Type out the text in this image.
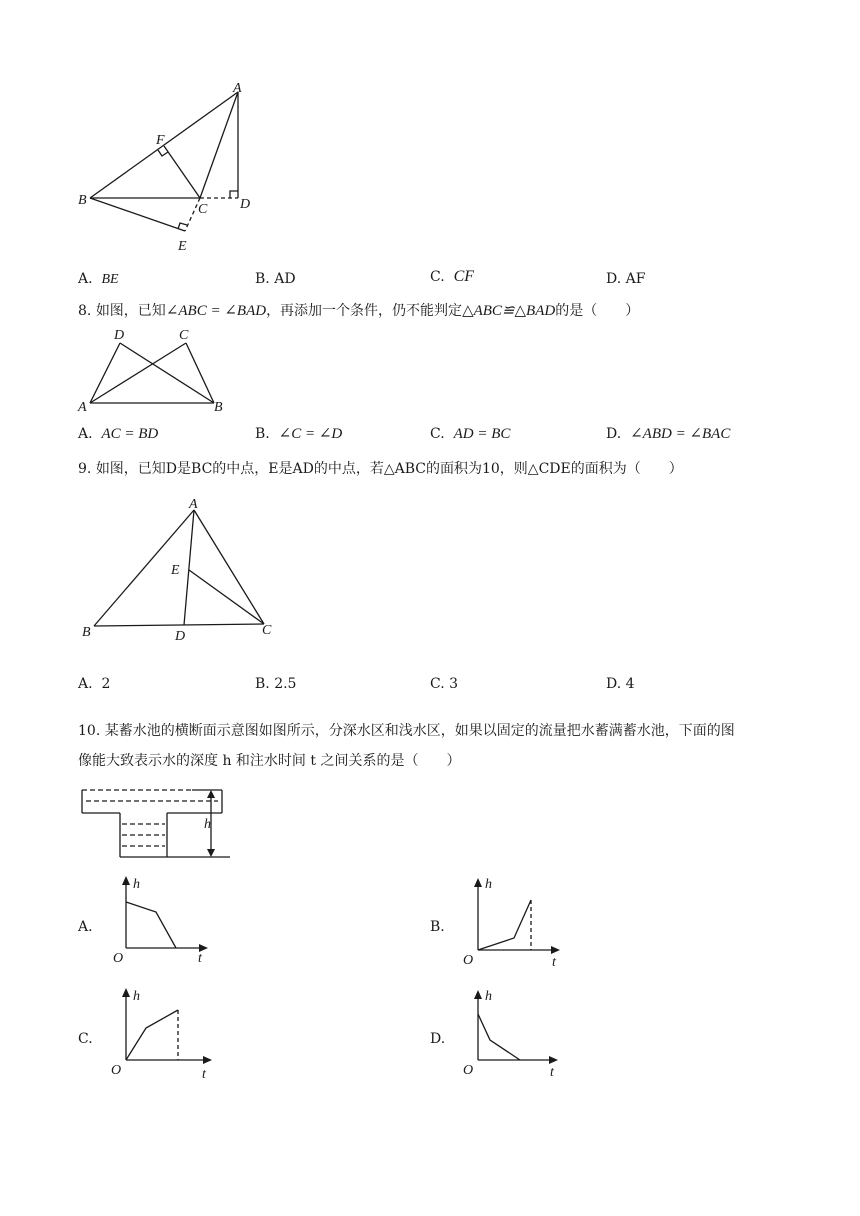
A
F
B
C D
E
A. BE	B. AD	C. CF	D. AF
8. 如图，已知∠ABC = ∠BAD，再添加一个条件，仍不能判定△ABC≌△BAD的是（　　）
D	C
A	B
A. AC = BD	B. ∠C = ∠D	C. AD = BC	D. ∠ABD = ∠BAC
9. 如图，已知D是BC的中点，E是AD的中点，若△ABC的面积为10，则△CDE的面积为（　　）
A
E
B	D	C
A. 2	B. 2.5	C. 3	D. 4
10. 某蓄水池的横断面示意图如图所示，分深水区和浅水区，如果以固定的流量把水蓄满蓄水池，下面的图
像能大致表示水的深度 h 和注水时间 t 之间关系的是（　　）
h
A.
h
O	t
B.
h
O	t
C.
h
O	t
D.
h
O	t
